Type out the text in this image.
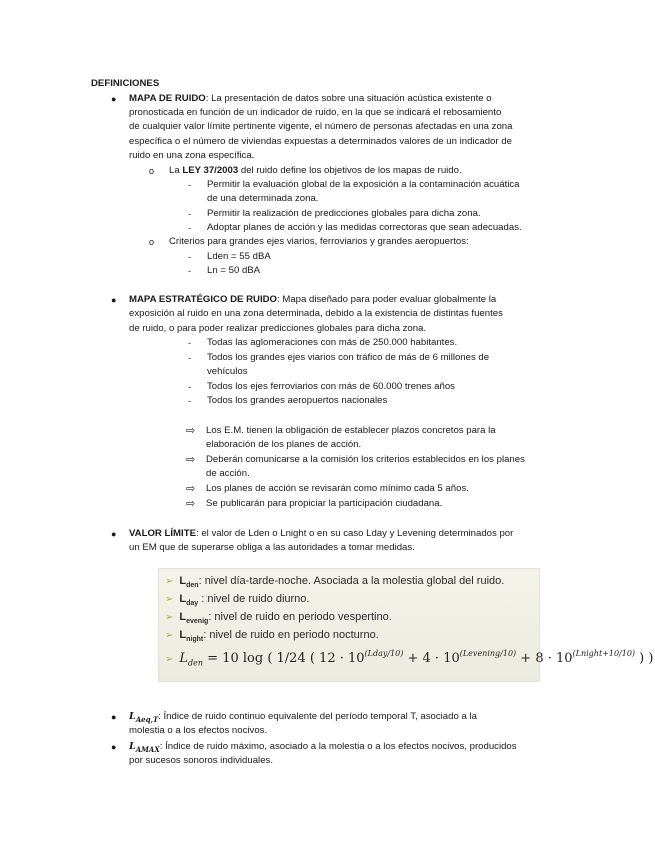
DEFINICIONES
● MAPA DE RUIDO: La presentación de datos sobre una situación acústica existente o
pronosticada en función de un indicador de ruido, en la que se indicará el rebosamiento
de cualquier valor límite pertinente vigente, el número de personas afectadas en una zona
específica o el número de viviendas expuestas a determinados valores de un indicador de
ruido en una zona específica.
o La LEY 37/2003 del ruido define los objetivos de los mapas de ruido.
- Permitir la evaluación global de la exposición a la contaminación acuática
de una determinada zona.
- Permitir la realización de predicciones globales para dicha zona.
- Adoptar planes de acción y las medidas correctoras que sean adecuadas.
o Criterios para grandes ejes viarios, ferroviarios y grandes aeropuertos:
- Lden = 55 dBA
- Ln = 50 dBA
● MAPA ESTRATÉGICO DE RUIDO: Mapa diseñado para poder evaluar globalmente la
exposición al ruido en una zona determinada, debido a la existencia de distintas fuentes
de ruido, o para poder realizar predicciones globales para dicha zona.
- Todas las aglomeraciones con más de 250.000 habitantes.
- Todos los grandes ejes viarios con tráfico de más de 6 millones de
vehículos
- Todos los ejes ferroviarios con más de 60.000 trenes años
- Todos los grandes aeropuertos nacionales
⇨ Los E.M. tienen la obligación de establecer plazos concretos para la
elaboración de los planes de acción.
⇨ Deberán comunicarse a la comisión los criterios establecidos en los planes
de acción.
⇨ Los planes de acción se revisarán como mínimo cada 5 años.
⇨ Se publicarán para propiciar la participación ciudadana.
● VALOR LÍMITE: el valor de Lden o Lnight o en su caso Lday y Levening determinados por
un EM que de superarse obliga a las autoridades a tomar medidas.
➢ $L_{den}$: nivel día-tarde-noche. Asociada a la molestia global del ruido.
➢ $L_{day}$ : nivel de ruido diurno.
➢ $L_{evenig}$: nivel de ruido en periodo vespertino.
➢ $L_{night}$: nivel de ruido en periodo nocturno.
➢ $L_{den} = 10$ log ( 1/24 ( $12 \cdot 10^{(Lday/10)} + 4 \cdot 10^{(Levening/10)} + 8 \cdot 10^{(Lnight+10/10)}$ ) )
● $L_{Aeq,T}$: Índice de ruido continuo equivalente del período temporal T, asociado a la
molestia o a los efectos nocivos.
● $L_{AMAX}$: Índice de ruido máximo, asociado a la molestia o a los efectos nocivos, producidos
por sucesos sonoros individuales.
